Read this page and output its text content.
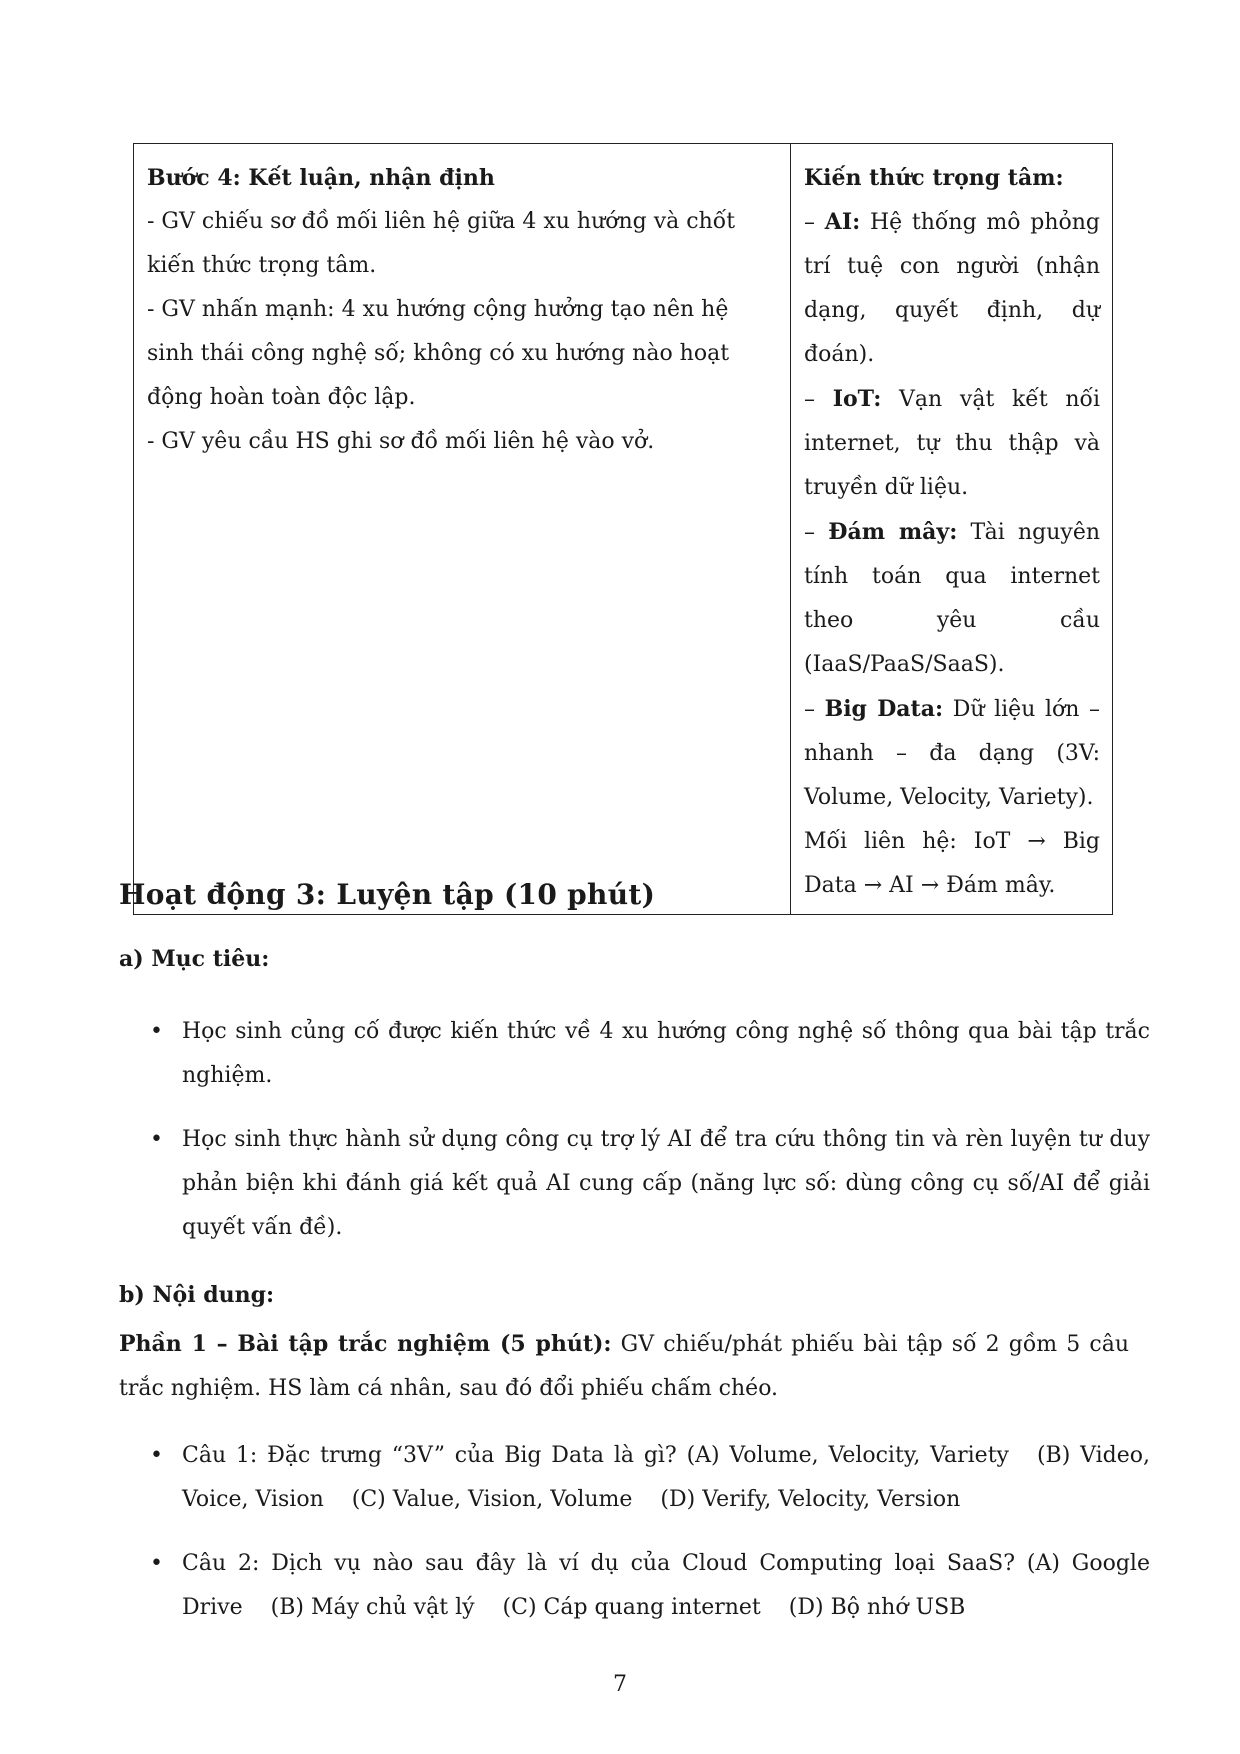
Bước 4: Kết luận, nhận định
- GV chiếu sơ đồ mối liên hệ giữa 4 xu hướng và chốt kiến thức trọng tâm.
- GV nhấn mạnh: 4 xu hướng cộng hưởng tạo nên hệ sinh thái công nghệ số; không có xu hướng nào hoạt động hoàn toàn độc lập.
- GV yêu cầu HS ghi sơ đồ mối liên hệ vào vở.

Kiến thức trọng tâm:
– AI: Hệ thống mô phỏng trí tuệ con người (nhận dạng, quyết định, dự đoán).
– IoT: Vạn vật kết nối internet, tự thu thập và truyền dữ liệu.
– Đám mây: Tài nguyên tính toán qua internet theo yêu cầu (IaaS/PaaS/SaaS).
– Big Data: Dữ liệu lớn – nhanh – đa dạng (3V: Volume, Velocity, Variety).
Mối liên hệ: IoT → Big Data → AI → Đám mây.
Hoạt động 3: Luyện tập (10 phút)
a) Mục tiêu:
• Học sinh củng cố được kiến thức về 4 xu hướng công nghệ số thông qua bài tập trắc nghiệm.
• Học sinh thực hành sử dụng công cụ trợ lý AI để tra cứu thông tin và rèn luyện tư duy phản biện khi đánh giá kết quả AI cung cấp (năng lực số: dùng công cụ số/AI để giải quyết vấn đề).
b) Nội dung:

Phần 1 – Bài tập trắc nghiệm (5 phút): GV chiếu/phát phiếu bài tập số 2 gồm 5 câu trắc nghiệm. HS làm cá nhân, sau đó đổi phiếu chấm chéo.

• Câu 1: Đặc trưng “3V” của Big Data là gì? (A) Volume, Velocity, Variety (B) Video, Voice, Vision (C) Value, Vision, Volume (D) Verify, Velocity, Version
• Câu 2: Dịch vụ nào sau đây là ví dụ của Cloud Computing loại SaaS? (A) Google Drive (B) Máy chủ vật lý (C) Cáp quang internet (D) Bộ nhớ USB
7
